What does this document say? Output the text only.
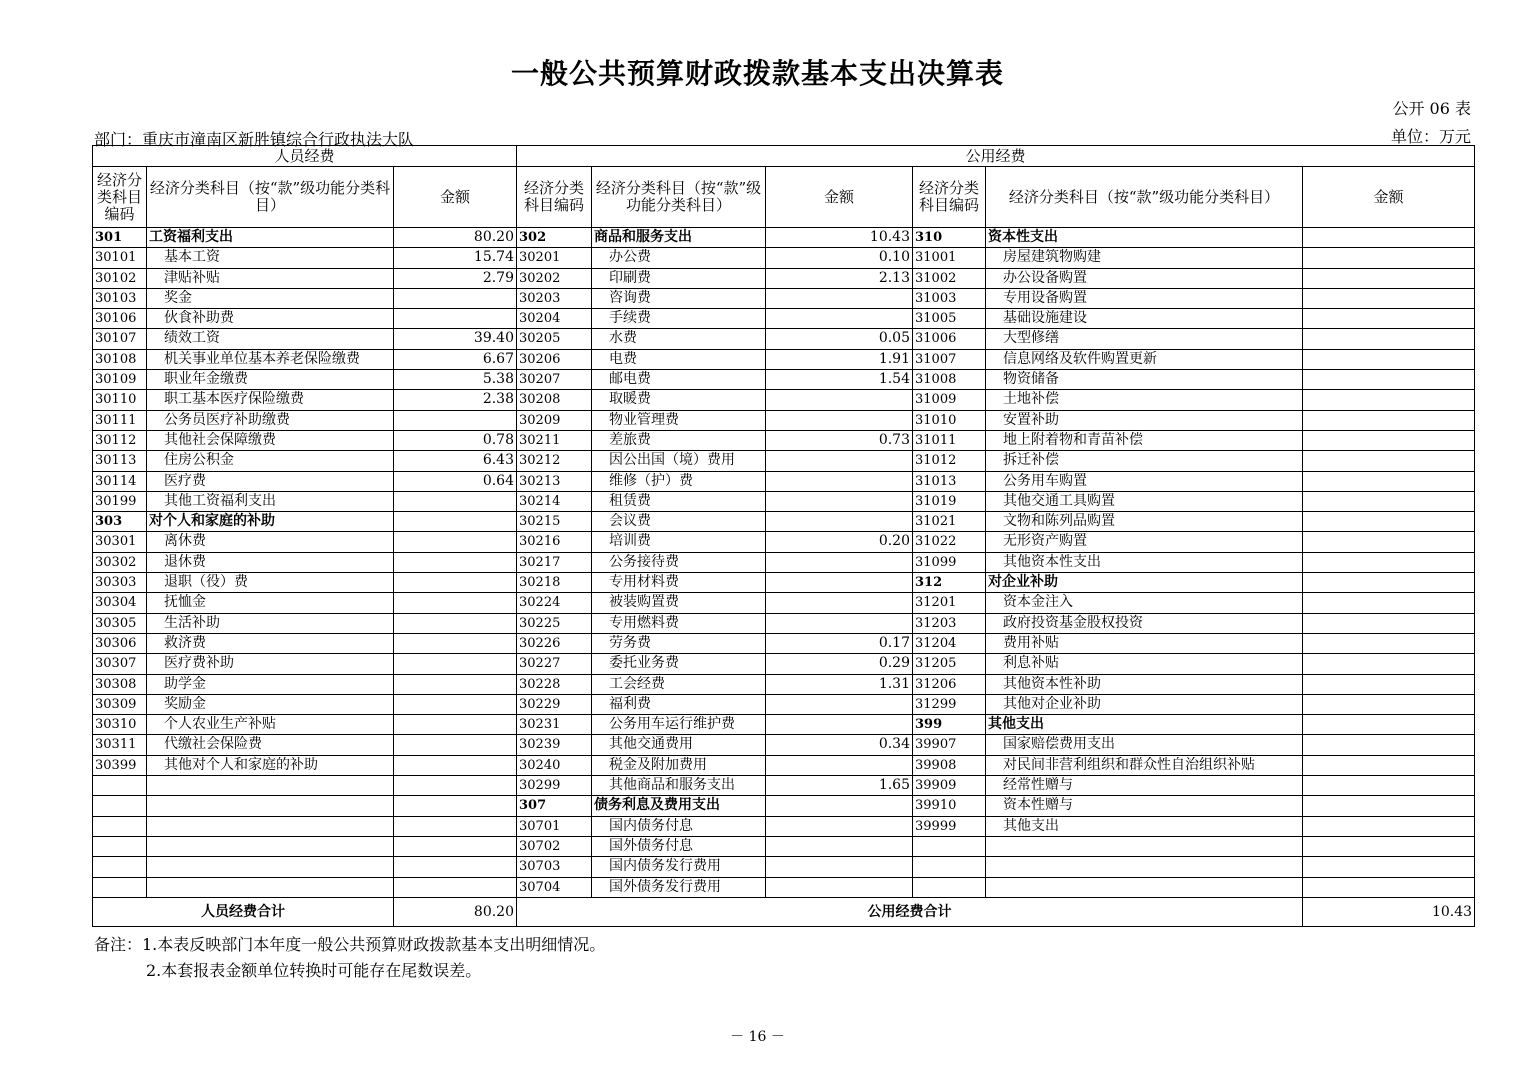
一般公共预算财政拨款基本支出决算表
公开 06 表
部门：重庆市潼南区新胜镇综合行政执法大队	单位：万元
人员经费			公用经费					
经济分类科目编码	经济分类科目（按“款”级功能分类科目）	金额	经济分类科目编码	经济分类科目（按“款”级功能分类科目）	金额	经济分类科目编码	经济分类科目（按“款”级功能分类科目）	金额
301	工资福利支出	80.20	302	商品和服务支出	10.43	310	资本性支出	
30101	基本工资	15.74	30201	办公费	0.10	31001	房屋建筑物购建	
30102	津贴补贴	2.79	30202	印刷费	2.13	31002	办公设备购置	
30103	奖金		30203	咨询费		31003	专用设备购置	
30106	伙食补助费		30204	手续费		31005	基础设施建设	
30107	绩效工资	39.40	30205	水费	0.05	31006	大型修缮	
30108	机关事业单位基本养老保险缴费	6.67	30206	电费	1.91	31007	信息网络及软件购置更新	
30109	职业年金缴费	5.38	30207	邮电费	1.54	31008	物资储备	
30110	职工基本医疗保险缴费	2.38	30208	取暖费		31009	土地补偿	
30111	公务员医疗补助缴费		30209	物业管理费		31010	安置补助	
30112	其他社会保障缴费	0.78	30211	差旅费	0.73	31011	地上附着物和青苗补偿	
30113	住房公积金	6.43	30212	因公出国（境）费用		31012	拆迁补偿	
30114	医疗费	0.64	30213	维修（护）费		31013	公务用车购置	
30199	其他工资福利支出		30214	租赁费		31019	其他交通工具购置	
303	对个人和家庭的补助		30215	会议费		31021	文物和陈列品购置	
30301	离休费		30216	培训费	0.20	31022	无形资产购置	
30302	退休费		30217	公务接待费		31099	其他资本性支出	
30303	退职（役）费		30218	专用材料费		312	对企业补助	
30304	抚恤金		30224	被装购置费		31201	资本金注入	
30305	生活补助		30225	专用燃料费		31203	政府投资基金股权投资	
30306	救济费		30226	劳务费	0.17	31204	费用补贴	
30307	医疗费补助		30227	委托业务费	0.29	31205	利息补贴	
30308	助学金		30228	工会经费	1.31	31206	其他资本性补助	
30309	奖励金		30229	福利费		31299	其他对企业补助	
30310	个人农业生产补贴		30231	公务用车运行维护费		399	其他支出	
30311	代缴社会保险费		30239	其他交通费用	0.34	39907	国家赔偿费用支出	
30399	其他对个人和家庭的补助		30240	税金及附加费用		39908	对民间非营利组织和群众性自治组织补贴	
			30299	其他商品和服务支出	1.65	39909	经常性赠与	
			307	债务利息及费用支出		39910	资本性赠与	
			30701	国内债务付息		39999	其他支出	
			30702	国外债务付息				
			30703	国内债务发行费用				
			30704	国外债务发行费用				
人员经费合计		80.20	公用经费合计					10.43
备注：1.本表反映部门本年度一般公共预算财政拨款基本支出明细情况。
2.本套报表金额单位转换时可能存在尾数误差。
－ 16 －
